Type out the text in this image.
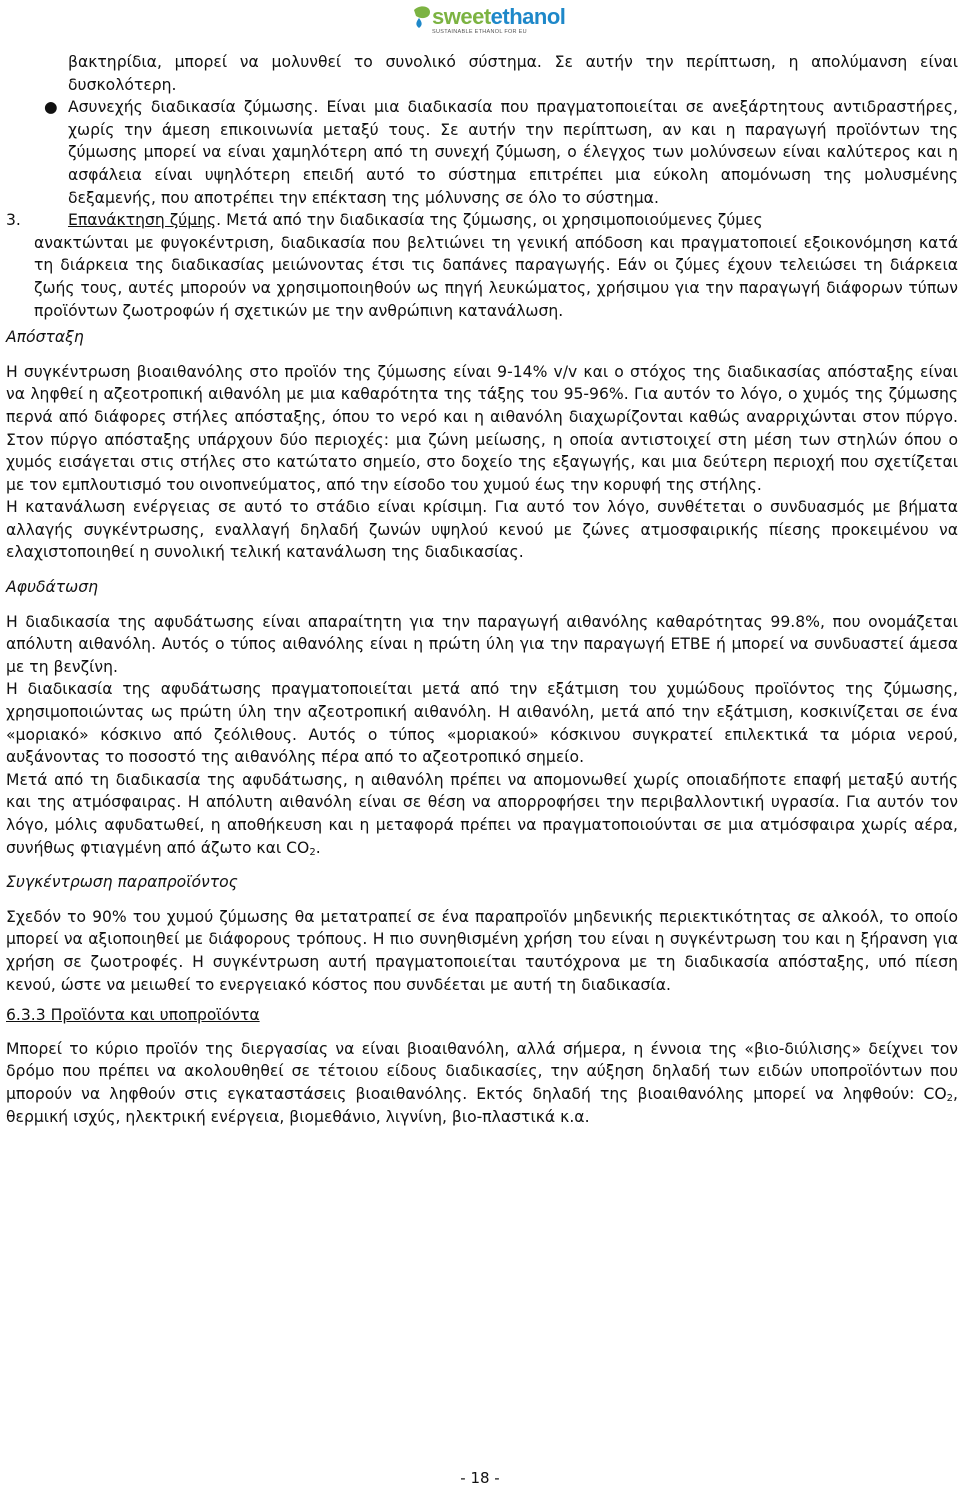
sweetethanol
SUSTAINABLE ETHANOL FOR EU

βακτηρίδια, μπορεί να μολυνθεί το συνολικό σύστημα. Σε αυτήν την περίπτωση, η απολύμανση είναι δυσκολότερη.

● Ασυνεχής διαδικασία ζύμωσης. Είναι μια διαδικασία που πραγματοποιείται σε ανεξάρτητους αντιδραστήρες, χωρίς την άμεση επικοινωνία μεταξύ τους. Σε αυτήν την περίπτωση, αν και η παραγωγή προϊόντων της ζύμωσης μπορεί να είναι χαμηλότερη από τη συνεχή ζύμωση, ο έλεγχος των μολύνσεων είναι καλύτερος και η ασφάλεια είναι υψηλότερη επειδή αυτό το σύστημα επιτρέπει μια εύκολη απομόνωση της μολυσμένης δεξαμενής, που αποτρέπει την επέκταση της μόλυνσης σε όλο το σύστημα.

3.	Επανάκτηση ζύμης. Μετά από την διαδικασία της ζύμωσης, οι χρησιμοποιούμενες ζύμες

ανακτώνται με φυγοκέντριση, διαδικασία που βελτιώνει τη γενική απόδοση και πραγματοποιεί εξοικονόμηση κατά τη διάρκεια της διαδικασίας μειώνοντας έτσι τις δαπάνες παραγωγής. Εάν οι ζύμες έχουν τελειώσει τη διάρκεια ζωής τους, αυτές μπορούν να χρησιμοποιηθούν ως πηγή λευκώματος, χρήσιμου για την παραγωγή διάφορων τύπων προϊόντων ζωοτροφών ή σχετικών με την ανθρώπινη κατανάλωση.

Απόσταξη

Η συγκέντρωση βιοαιθανόλης στο προϊόν της ζύμωσης είναι 9-14% v/v και ο στόχος της διαδικασίας απόσταξης είναι να ληφθεί η αζεοτροπική αιθανόλη με μια καθαρότητα της τάξης του 95-96%. Για αυτόν το λόγο, ο χυμός της ζύμωσης περνά από διάφορες στήλες απόσταξης, όπου το νερό και η αιθανόλη διαχωρίζονται καθώς αναρριχώνται στον πύργο. Στον πύργο απόσταξης υπάρχουν δύο περιοχές: μια ζώνη μείωσης, η οποία αντιστοιχεί στη μέση των στηλών όπου ο χυμός εισάγεται στις στήλες στο κατώτατο σημείο, στο δοχείο της εξαγωγής, και μια δεύτερη περιοχή που σχετίζεται με τον εμπλουτισμό του οινοπνεύματος, από την είσοδο του χυμού έως την κορυφή της στήλης.

Η κατανάλωση ενέργειας σε αυτό το στάδιο είναι κρίσιμη. Για αυτό τον λόγο, συνθέτεται ο συνδυασμός με βήματα αλλαγής συγκέντρωσης, εναλλαγή δηλαδή ζωνών υψηλού κενού με ζώνες ατμοσφαιρικής πίεσης προκειμένου να ελαχιστοποιηθεί η συνολική τελική κατανάλωση της διαδικασίας.

Αφυδάτωση

Η διαδικασία της αφυδάτωσης είναι απαραίτητη για την παραγωγή αιθανόλης καθαρότητας 99.8%, που ονομάζεται απόλυτη αιθανόλη. Αυτός ο τύπος αιθανόλης είναι η πρώτη ύλη για την παραγωγή ETBE ή μπορεί να συνδυαστεί άμεσα με τη βενζίνη.

Η διαδικασία της αφυδάτωσης πραγματοποιείται μετά από την εξάτμιση του χυμώδους προϊόντος της ζύμωσης, χρησιμοποιώντας ως πρώτη ύλη την αζεοτροπική αιθανόλη. Η αιθανόλη, μετά από την εξάτμιση, κοσκινίζεται σε ένα «μοριακό» κόσκινο από ζεόλιθους. Αυτός ο τύπος «μοριακού» κόσκινου συγκρατεί επιλεκτικά τα μόρια νερού, αυξάνοντας το ποσοστό της αιθανόλης πέρα από το αζεοτροπικό σημείο.

Μετά από τη διαδικασία της αφυδάτωσης, η αιθανόλη πρέπει να απομονωθεί χωρίς οποιαδήποτε επαφή μεταξύ αυτής και της ατμόσφαιρας. Η απόλυτη αιθανόλη είναι σε θέση να απορροφήσει την περιβαλλοντική υγρασία. Για αυτόν τον λόγο, μόλις αφυδατωθεί, η αποθήκευση και η μεταφορά πρέπει να πραγματοποιούνται σε μια ατμόσφαιρα χωρίς αέρα, συνήθως φτιαγμένη από άζωτο και $CO_2$.

Συγκέντρωση παραπροϊόντος

Σχεδόν το 90% του χυμού ζύμωσης θα μετατραπεί σε ένα παραπροϊόν μηδενικής περιεκτικότητας σε αλκοόλ, το οποίο μπορεί να αξιοποιηθεί με διάφορους τρόπους. Η πιο συνηθισμένη χρήση του είναι η συγκέντρωση του και η ξήρανση για χρήση σε ζωοτροφές. Η συγκέντρωση αυτή πραγματοποιείται ταυτόχρονα με τη διαδικασία απόσταξης, υπό πίεση κενού, ώστε να μειωθεί το ενεργειακό κόστος που συνδέεται με αυτή τη διαδικασία.

6.3.3 Προϊόντα και υποπροϊόντα

Μπορεί το κύριο προϊόν της διεργασίας να είναι βιοαιθανόλη, αλλά σήμερα, η έννοια της «βιο-διύλισης» δείχνει τον δρόμο που πρέπει να ακολουθηθεί σε τέτοιου είδους διαδικασίες, την αύξηση δηλαδή των ειδών υποπροϊόντων που μπορούν να ληφθούν στις εγκαταστάσεις βιοαιθανόλης. Εκτός δηλαδή της βιοαιθανόλης μπορεί να ληφθούν: $CO_2$, θερμική ισχύς, ηλεκτρική ενέργεια, βιομεθάνιο, λιγνίνη, βιο-πλαστικά κ.α.

- 18 -
